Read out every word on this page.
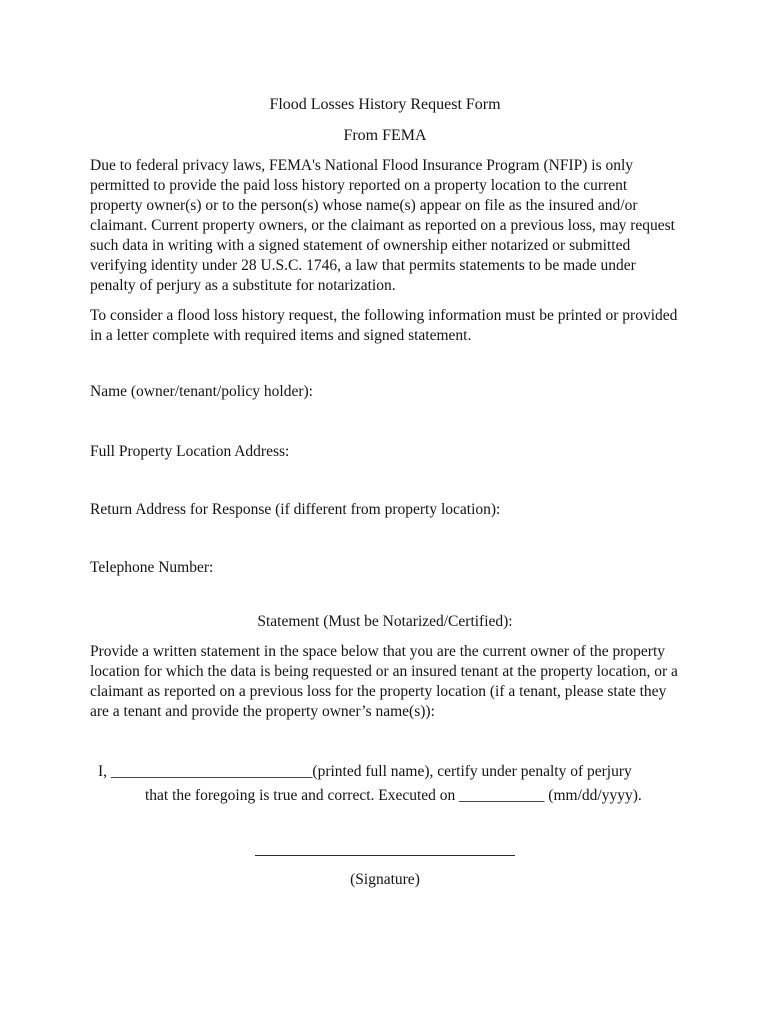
Flood Losses History Request Form
From FEMA

Due to federal privacy laws, FEMA's National Flood Insurance Program (NFIP) is only permitted to provide the paid loss history reported on a property location to the current property owner(s) or to the person(s) whose name(s) appear on file as the insured and/or claimant. Current property owners, or the claimant as reported on a previous loss, may request such data in writing with a signed statement of ownership either notarized or submitted verifying identity under 28 U.S.C. 1746, a law that permits statements to be made under penalty of perjury as a substitute for notarization.

To consider a flood loss history request, the following information must be printed or provided in a letter complete with required items and signed statement.

Name (owner/tenant/policy holder):

Full Property Location Address:

Return Address for Response (if different from property location):

Telephone Number:

Statement (Must be Notarized/Certified):

Provide a written statement in the space below that you are the current owner of the property location for which the data is being requested or an insured tenant at the property location, or a claimant as reported on a previous loss for the property location (if a tenant, please state they are a tenant and provide the property owner’s name(s)):

I, __________________________(printed full name), certify under penalty of perjury

that the foregoing is true and correct. Executed on ___________ (mm/dd/yyyy).

(Signature)
